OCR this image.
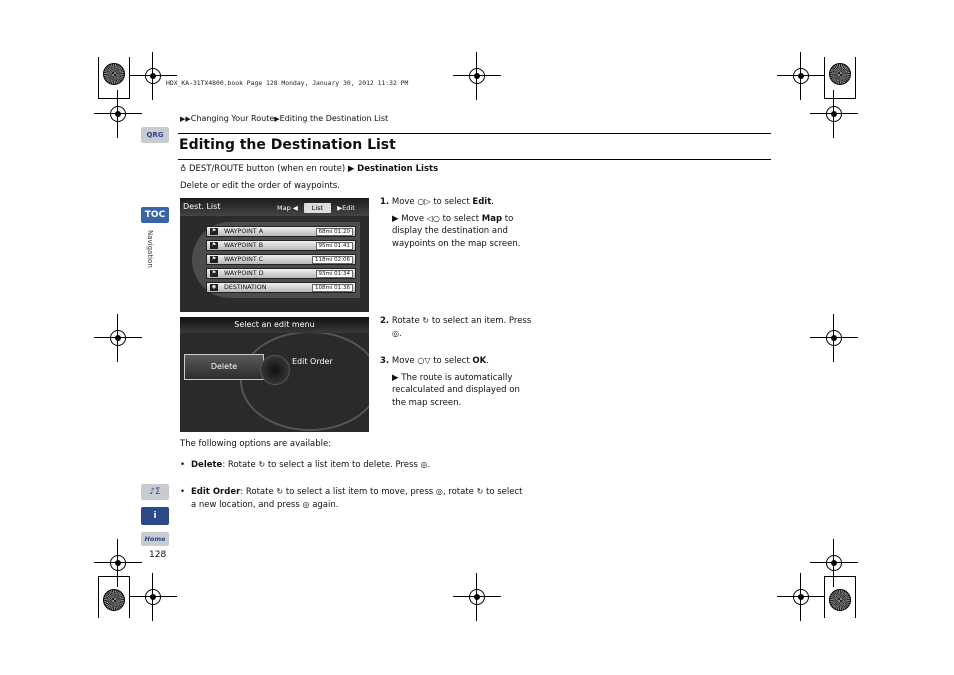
HDX_KA-31TX4800.book Page 128 Monday, January 30, 2012 11:32 PM
▶▶Changing Your Route▶Editing the Destination List
QRG
TOC
Navigation
Editing the Destination List
♁ DEST/ROUTE button (when en route) ▶ Destination Lists
Delete or edit the order of waypoints.
Dest. List	Map ◀	List	▶Edit
⚑ WAYPOINT A	68mi 01:20
⚑ WAYPOINT B	95mi 01:41
⚑ WAYPOINT C	118mi 02:06
⚑ WAYPOINT D	93mi 01:34
◉ DESTINATION	108mi 01:36
Select an edit menu
Delete
Edit Order
1. Move ○▷ to select Edit.
▶ Move ◁○ to select Map to
display the destination and
waypoints on the map screen.
2. Rotate ↻ to select an item. Press
◎.
3. Move ○▽ to select OK.
▶ The route is automatically
recalculated and displayed on
the map screen.
The following options are available:
• Delete: Rotate ↻ to select a list item to delete. Press ◎.
• Edit Order: Rotate ↻ to select a list item to move, press ◎, rotate ↻ to select
a new location, and press ◎ again.
♪Σ
i
Home
128
